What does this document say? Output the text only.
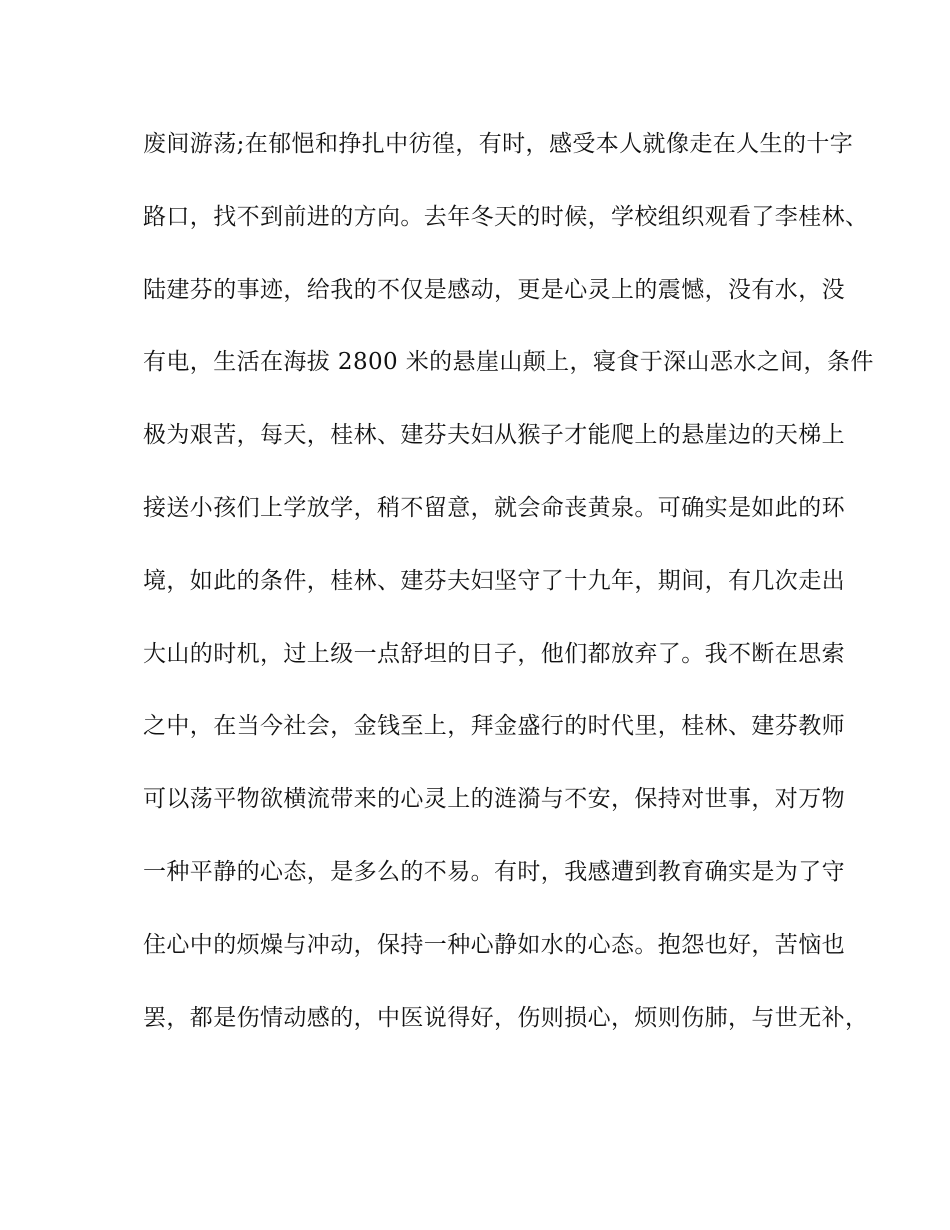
废间游荡;在郁悒和挣扎中彷徨，有时，感受本人就像走在人生的十字
路口，找不到前进的方向。去年冬天的时候，学校组织观看了李桂林、
陆建芬的事迹，给我的不仅是感动，更是心灵上的震憾，没有水，没
有电，生活在海拔 2800 米的悬崖山颠上，寝食于深山恶水之间，条件
极为艰苦，每天，桂林、建芬夫妇从猴子才能爬上的悬崖边的天梯上
接送小孩们上学放学，稍不留意，就会命丧黄泉。可确实是如此的环
境，如此的条件，桂林、建芬夫妇坚守了十九年，期间，有几次走出
大山的时机，过上级一点舒坦的日子，他们都放弃了。我不断在思索
之中，在当今社会，金钱至上，拜金盛行的时代里，桂林、建芬教师
可以荡平物欲横流带来的心灵上的涟漪与不安，保持对世事，对万物
一种平静的心态，是多么的不易。有时，我感遭到教育确实是为了守
住心中的烦燥与冲动，保持一种心静如水的心态。抱怨也好，苦恼也
罢，都是伤情动感的，中医说得好，伤则损心，烦则伤肺，与世无补，
